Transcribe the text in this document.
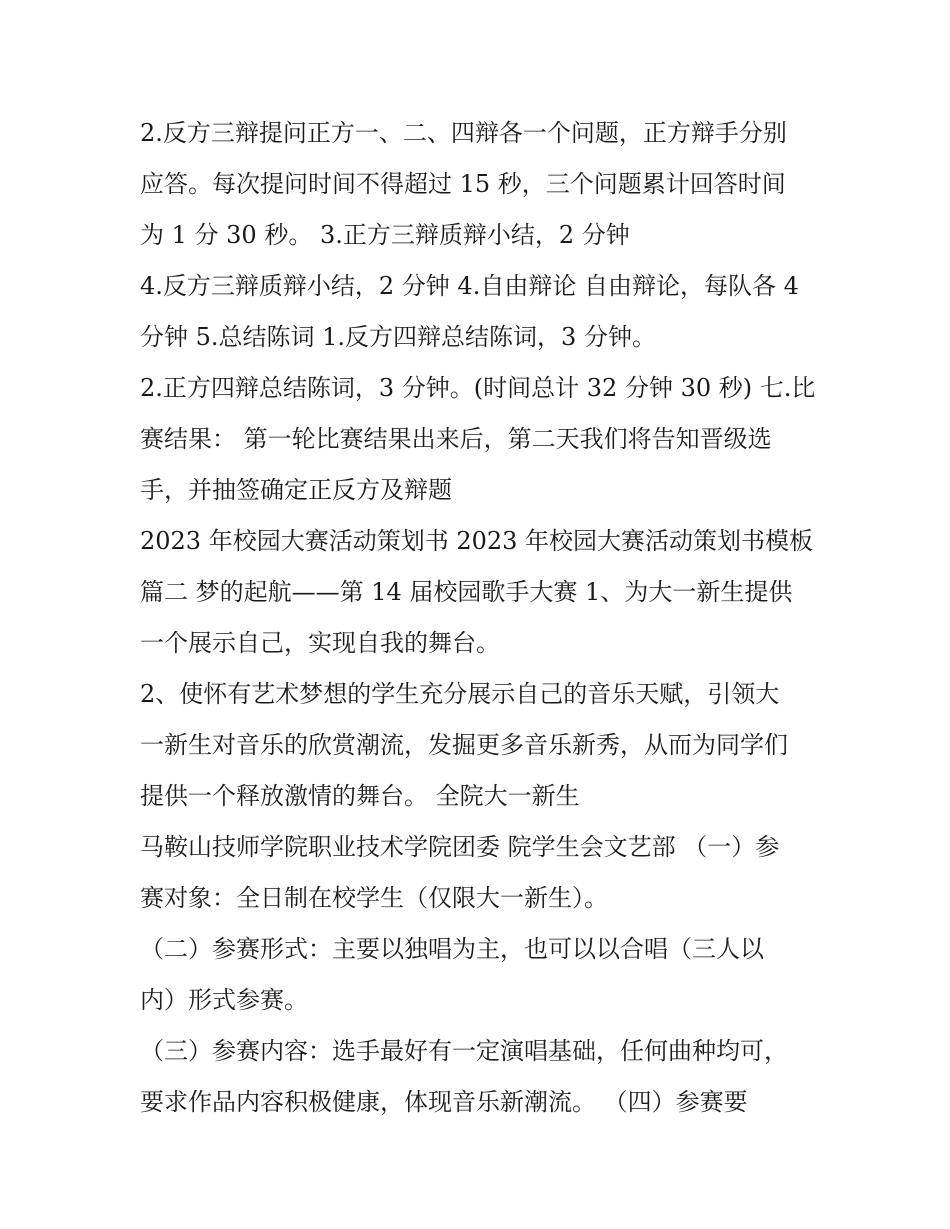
2.反方三辩提问正方一、二、四辩各一个问题，正方辩手分别
应答。每次提问时间不得超过 15 秒，三个问题累计回答时间
为 1 分 30 秒。 3.正方三辩质辩小结，2 分钟
4.反方三辩质辩小结，2 分钟 4.自由辩论 自由辩论，每队各 4
分钟 5.总结陈词 1.反方四辩总结陈词，3 分钟。
2.正方四辩总结陈词，3 分钟。(时间总计 32 分钟 30 秒) 七.比
赛结果： 第一轮比赛结果出来后，第二天我们将告知晋级选
手，并抽签确定正反方及辩题
2023 年校园大赛活动策划书 2023 年校园大赛活动策划书模板
篇二 梦的起航——第 14 届校园歌手大赛 1、为大一新生提供
一个展示自己，实现自我的舞台。
2、使怀有艺术梦想的学生充分展示自己的音乐天赋，引领大
一新生对音乐的欣赏潮流，发掘更多音乐新秀，从而为同学们
提供一个释放激情的舞台。 全院大一新生
马鞍山技师学院职业技术学院团委 院学生会文艺部 （一）参
赛对象：全日制在校学生（仅限大一新生）。
（二）参赛形式：主要以独唱为主，也可以以合唱（三人以
内）形式参赛。
（三）参赛内容：选手最好有一定演唱基础，任何曲种均可，
要求作品内容积极健康，体现音乐新潮流。 （四）参赛要
